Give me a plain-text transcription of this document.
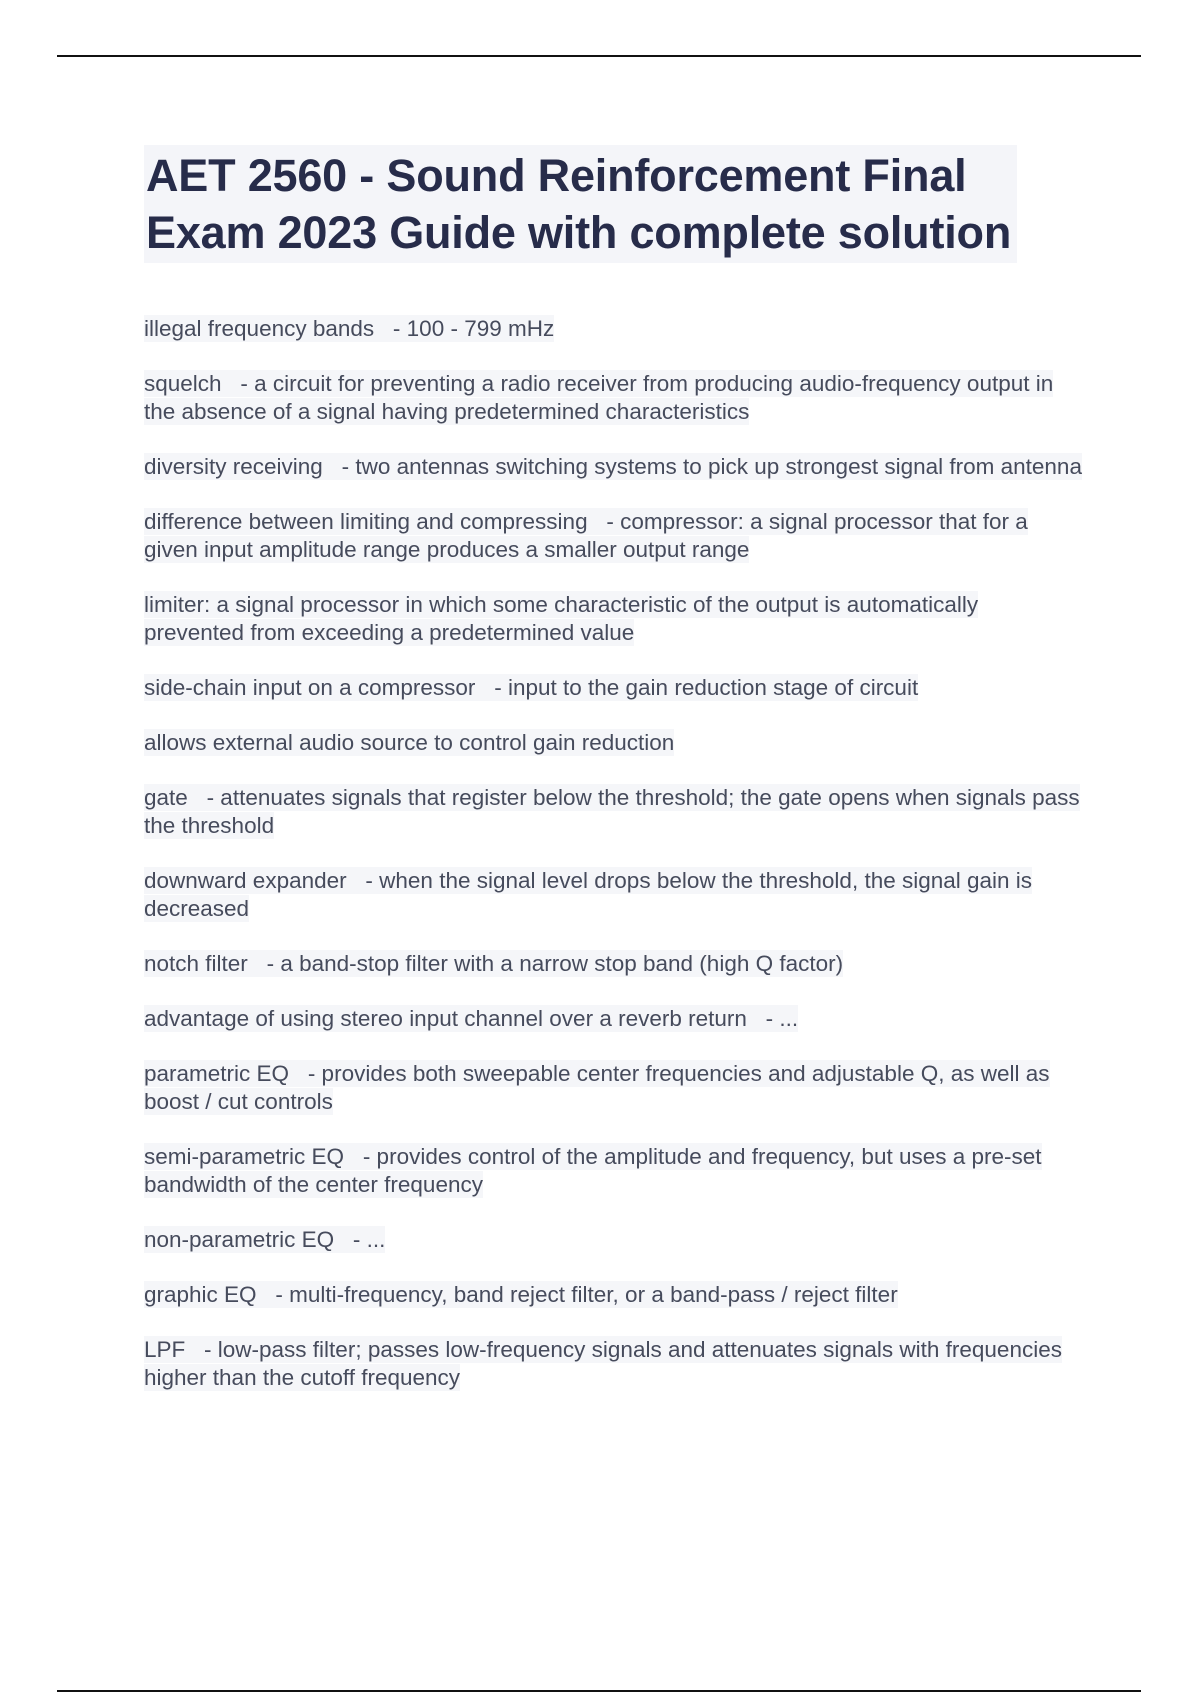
AET 2560 - Sound Reinforcement Final
Exam 2023 Guide with complete solution

illegal frequency bands - 100 - 799 mHz

squelch - a circuit for preventing a radio receiver from producing audio-frequency output in the absence of a signal having predetermined characteristics

diversity receiving - two antennas switching systems to pick up strongest signal from antenna

difference between limiting and compressing - compressor: a signal processor that for a given input amplitude range produces a smaller output range

limiter: a signal processor in which some characteristic of the output is automatically prevented from exceeding a predetermined value

side-chain input on a compressor - input to the gain reduction stage of circuit

allows external audio source to control gain reduction

gate - attenuates signals that register below the threshold; the gate opens when signals pass the threshold

downward expander - when the signal level drops below the threshold, the signal gain is decreased

notch filter - a band-stop filter with a narrow stop band (high Q factor)

advantage of using stereo input channel over a reverb return - ...

parametric EQ - provides both sweepable center frequencies and adjustable Q, as well as boost / cut controls

semi-parametric EQ - provides control of the amplitude and frequency, but uses a pre-set bandwidth of the center frequency

non-parametric EQ - ...

graphic EQ - multi-frequency, band reject filter, or a band-pass / reject filter

LPF - low-pass filter; passes low-frequency signals and attenuates signals with frequencies higher than the cutoff frequency
